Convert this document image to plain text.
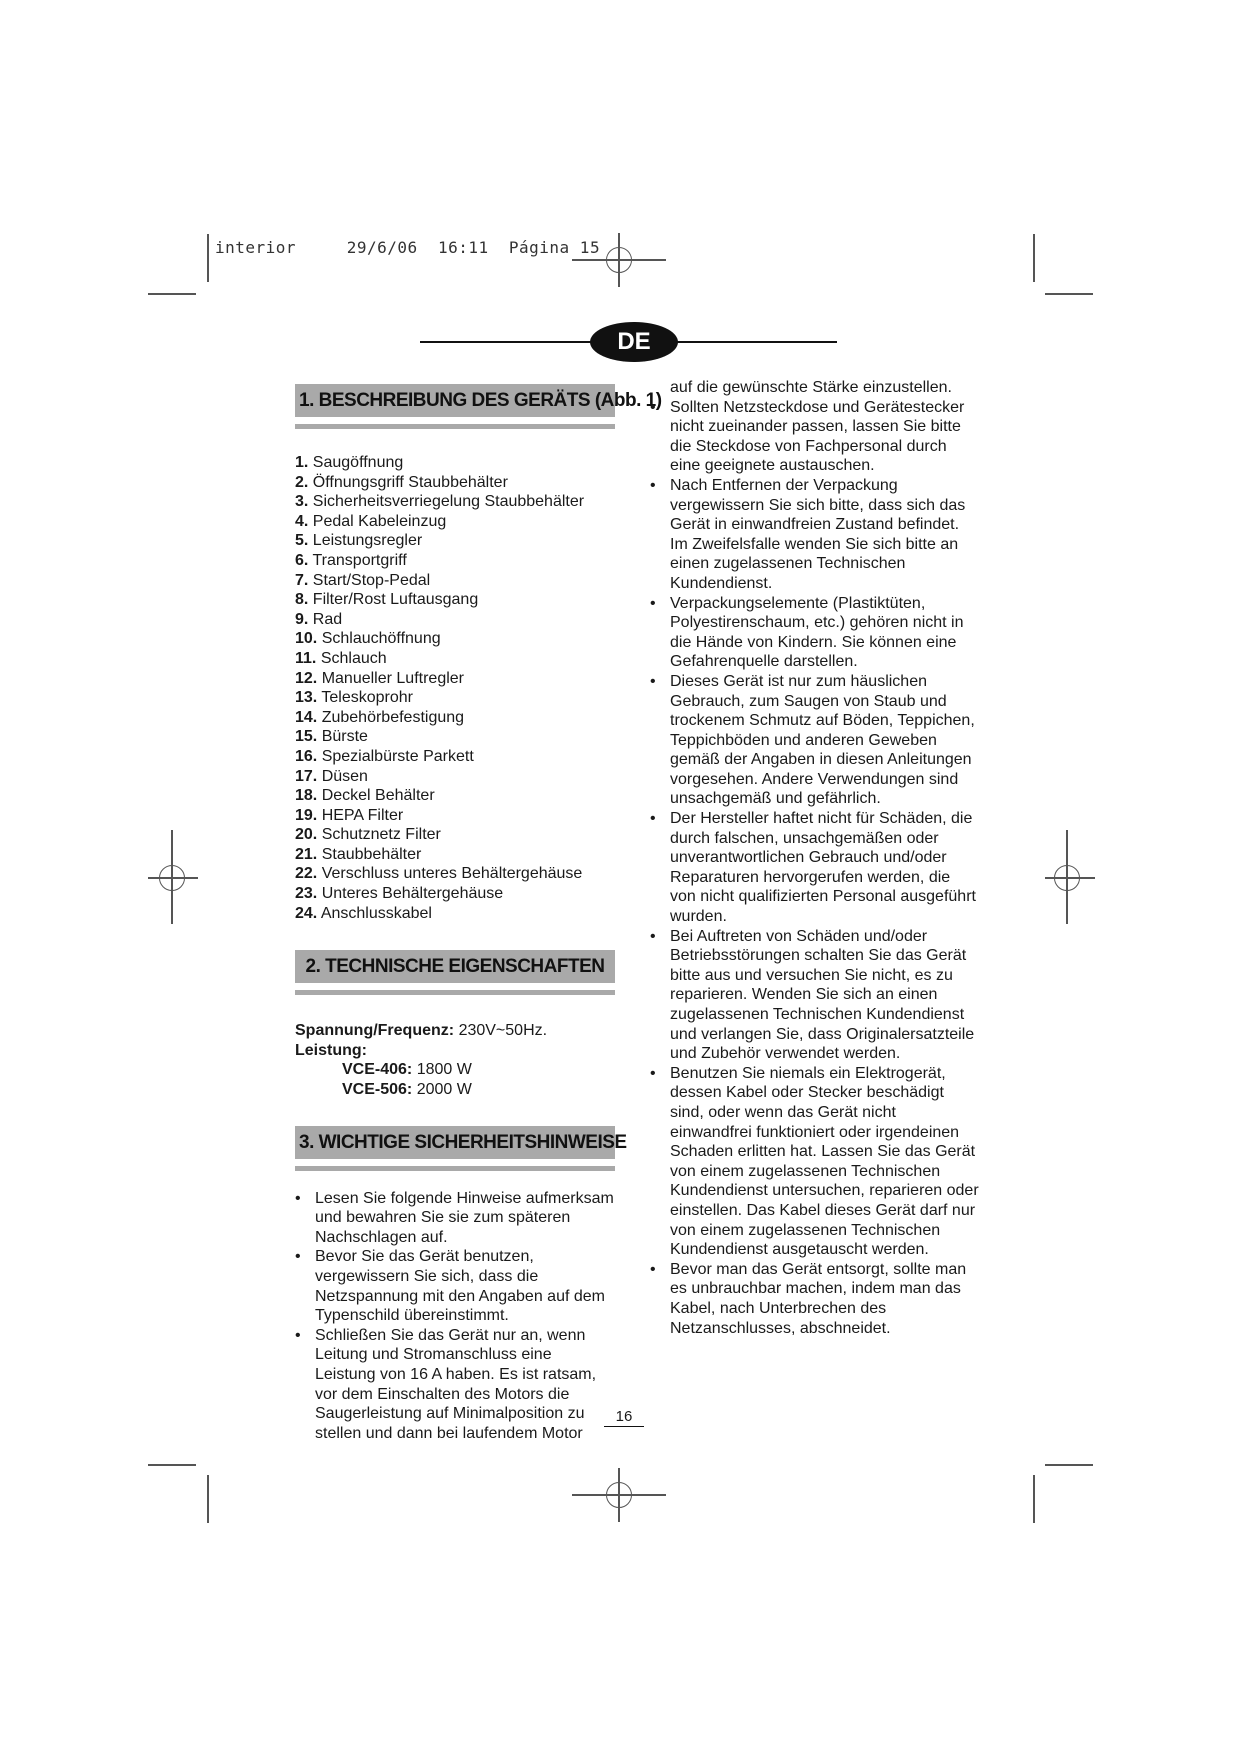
interior	29/6/06 16:11 Página 15
DE
1. BESCHREIBUNG DES GERÄTS (Abb. 1)
1. Saugöffnung
2. Öffnungsgriff Staubbehälter
3. Sicherheitsverriegelung Staubbehälter
4. Pedal Kabeleinzug
5. Leistungsregler
6. Transportgriff
7. Start/Stop-Pedal
8. Filter/Rost Luftausgang
9. Rad
10. Schlauchöffnung
11. Schlauch
12. Manueller Luftregler
13. Teleskoprohr
14. Zubehörbefestigung
15. Bürste
16. Spezialbürste Parkett
17. Düsen
18. Deckel Behälter
19. HEPA Filter
20. Schutznetz Filter
21. Staubbehälter
22. Verschluss unteres Behältergehäuse
23. Unteres Behältergehäuse
24. Anschlusskabel
2. TECHNISCHE EIGENSCHAFTEN
Spannung/Frequenz: 230V~50Hz.
Leistung:
VCE-406: 1800 W
VCE-506: 2000 W
3. WICHTIGE SICHERHEITSHINWEISE
• Lesen Sie folgende Hinweise aufmerksam und bewahren Sie sie zum späteren Nachschlagen auf.
• Bevor Sie das Gerät benutzen, vergewissern Sie sich, dass die Netzspannung mit den Angaben auf dem Typenschild übereinstimmt.
• Schließen Sie das Gerät nur an, wenn Leitung und Stromanschluss eine Leistung von 16 A haben. Es ist ratsam, vor dem Einschalten des Motors die Saugerleistung auf Minimalposition zu stellen und dann bei laufendem Motor
auf die gewünschte Stärke einzustellen.
• Sollten Netzsteckdose und Gerätestecker nicht zueinander passen, lassen Sie bitte die Steckdose von Fachpersonal durch eine geeignete austauschen.
• Nach Entfernen der Verpackung vergewissern Sie sich bitte, dass sich das Gerät in einwandfreien Zustand befindet. Im Zweifelsfalle wenden Sie sich bitte an einen zugelassenen Technischen Kundendienst.
• Verpackungselemente (Plastiktüten, Polyestirenschaum, etc.) gehören nicht in die Hände von Kindern. Sie können eine Gefahrenquelle darstellen.
• Dieses Gerät ist nur zum häuslichen Gebrauch, zum Saugen von Staub und trockenem Schmutz auf Böden, Teppichen, Teppichböden und anderen Geweben gemäß der Angaben in diesen Anleitungen vorgesehen. Andere Verwendungen sind unsachgemäß und gefährlich.
• Der Hersteller haftet nicht für Schäden, die durch falschen, unsachgemäßen oder unverantwortlichen Gebrauch und/oder Reparaturen hervorgerufen werden, die von nicht qualifizierten Personal ausgeführt wurden.
• Bei Auftreten von Schäden und/oder Betriebsstörungen schalten Sie das Gerät bitte aus und versuchen Sie nicht, es zu reparieren. Wenden Sie sich an einen zugelassenen Technischen Kundendienst und verlangen Sie, dass Originalersatzteile und Zubehör verwendet werden.
• Benutzen Sie niemals ein Elektrogerät, dessen Kabel oder Stecker beschädigt sind, oder wenn das Gerät nicht einwandfrei funktioniert oder irgendeinen Schaden erlitten hat. Lassen Sie das Gerät von einem zugelassenen Technischen Kundendienst untersuchen, reparieren oder einstellen. Das Kabel dieses Gerät darf nur von einem zugelassenen Technischen Kundendienst ausgetauscht werden.
• Bevor man das Gerät entsorgt, sollte man es unbrauchbar machen, indem man das Kabel, nach Unterbrechen des Netzanschlusses, abschneidet.
16
